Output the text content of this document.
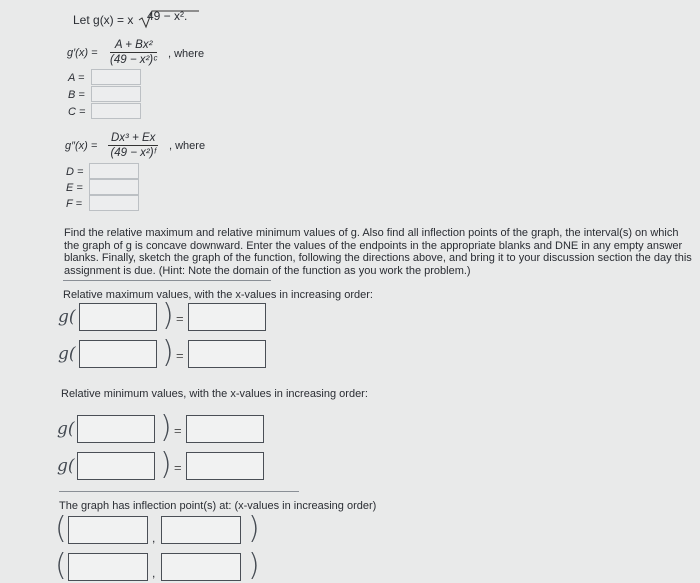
Let g(x) = x	49 − x².
$g'(x) = \frac{\text{A + Bx²}}{\text{(49 − x²)ᶜ}}$ , where
A =
B =
C =
$g''(x) = \frac{\text{Dx³ + Ex}}{\text{(49 − x²)ᶠ}}$ , where
D =
E =
F =

Find the relative maximum and relative minimum values of g. Also find all inflection points of the graph, the interval(s) on which the graph of g is concave downward. Enter the values of the endpoints in the appropriate blanks and DNE in any empty answer blanks. Finally, sketch the graph of the function, following the directions above, and bring it to your discussion section the day this assignment is due. (Hint: Note the domain of the function as you work the problem.)

Relative maximum values, with the x-values in increasing order:
g(	) =
g(	) =
Relative minimum values, with the x-values in increasing order:
g(	) =
g(	) =
The graph has inflection point(s) at: (x-values in increasing order)
(	,	)
(	,	)
